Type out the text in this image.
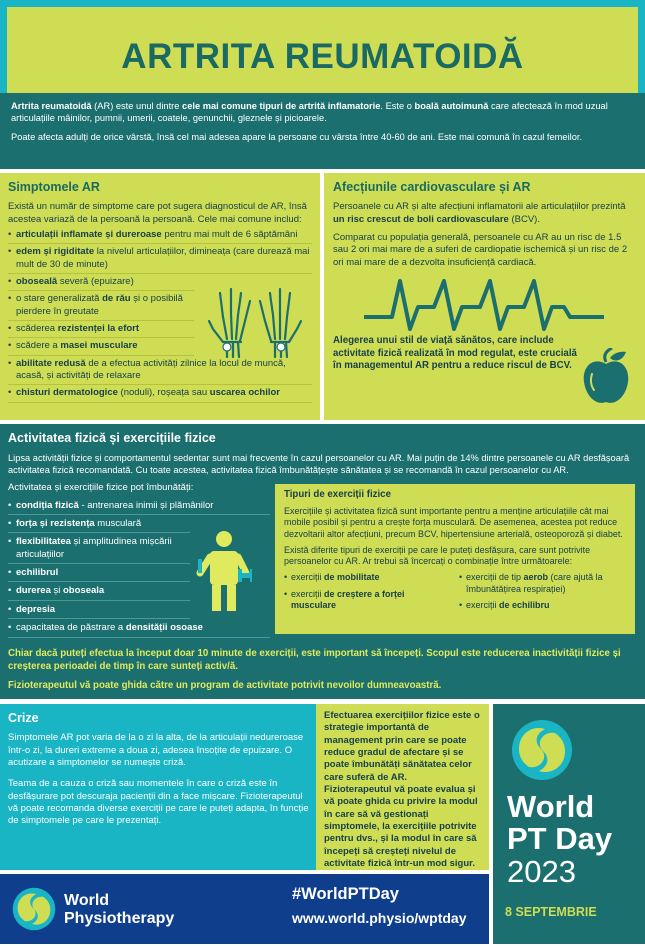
ARTRITA REUMATOIDĂ

Artrita reumatoidă (AR) este unul dintre cele mai comune tipuri de artrită inflamatorie. Este o boală autoimună care afectează în mod uzual articulațiile mâinilor, pumnii, umerii, coatele, genunchii, gleznele și picioarele.

Poate afecta adulți de orice vârstă, însă cel mai adesea apare la persoane cu vârsta între 40-60 de ani. Este mai comună în cazul femeilor.

Simptomele AR
Există un număr de simptome care pot sugera diagnosticul de AR, însă acestea variază de la persoană la persoană. Cele mai comune includ:
• articulații inflamate și dureroase pentru mai mult de 6 săptămâni
• edem și rigiditate la nivelul articulațiilor, dimineața (care durează mai mult de 30 de minute)
• oboseală severă (epuizare)
• o stare generalizată de rău și o posibilă pierdere în greutate
• scăderea rezistenței la efort
• scădere a masei musculare
• abilitate redusă de a efectua activități zilnice la locul de muncă, acasă, și activități de relaxare
• chisturi dermatologice (noduli), roșeața sau uscarea ochilor
Afecțiunile cardiovasculare și AR

Persoanele cu AR și alte afecțiuni inflamatorii ale articulațiilor prezintă un risc crescut de boli cardiovasculare (BCV).

Comparat cu populația generală, persoanele cu AR au un risc de 1.5 sau 2 ori mai mare de a suferi de cardiopatie ischemică și un risc de 2 ori mai mare de a dezvolta insuficiență cardiacă.

Alegerea unui stil de viață sănătos, care include activitate fizică realizată în mod regulat, este crucială în managementul AR pentru a reduce riscul de BCV.
Activitatea fizică și exercițiile fizice
Lipsa activității fizice și comportamentul sedentar sunt mai frecvente în cazul persoanelor cu AR. Mai puțin de 14% dintre persoanele cu AR desfășoară activitatea fizică recomandată. Cu toate acestea, activitatea fizică îmbunătățește sănătatea și se recomandă în cazul persoanelor cu AR.
Activitatea și exercițiile fizice pot îmbunătăți:
• condiția fizică - antrenarea inimii și plămânilor
• forța și rezistența musculară
• flexibilitatea și amplitudinea mișcării articulațiilor
• echilibrul
• durerea și oboseala
• depresia
• capacitatea de păstrare a densității osoase
Tipuri de exerciții fizice

Exercițiile și activitatea fizică sunt importante pentru a menține articulațiile cât mai mobile posibil și pentru a crește forța musculară. De asemenea, acestea pot reduce dezvoltarii altor afecțiuni, precum BCV, hipertensiune arterială, osteoporoză și diabet.

Există diferite tipuri de exerciții pe care le puteți desfășura, care sunt potrivite persoanelor cu AR. Ar trebui să încercați o combinație între următoarele:

• exerciții de mobilitate
• exerciții de creștere a forței musculare
• exerciții de tip aerob (care ajută la îmbunătățirea respirației)
• exerciții de echilibru
Chiar dacă puteți efectua la început doar 10 minute de exerciții, este important să începeți. Scopul este reducerea inactivității fizice și creșterea perioadei de timp în care sunteți activ/ă.
Fizioterapeutul vă poate ghida către un program de activitate potrivit nevoilor dumneavoastră.
Crize

Simptomele AR pot varia de la o zi la alta, de la articulații nedureroase într-o zi, la dureri extreme a doua zi, adesea însoțite de epuizare. O acutizare a simptomelor se numește criză.

Teama de a cauza o criză sau momentele în care o criză este în desfășurare pot descuraja pacienții din a face mișcare. Fizioterapeutul vă poate recomanda diverse exerciții pe care le puteți adapta, în funcție de simptomele pe care le prezentați.

Efectuarea exercițiilor fizice este o strategie importantă de management prin care se poate reduce gradul de afectare și se poate îmbunătăți sănătatea celor care suferă de AR.
Fizioterapeutul vă poate evalua și vă poate ghida cu privire la modul în care să vă gestionați simptomele, la exercițiile potrivite pentru dvs., și la modul în care să începeți să creșteți nivelul de activitate fizică într-un mod sigur.
World
PT Day
2023
8 SEPTEMBRIE
World
Physiotherapy
#WorldPTDay
www.world.physio/wptday
